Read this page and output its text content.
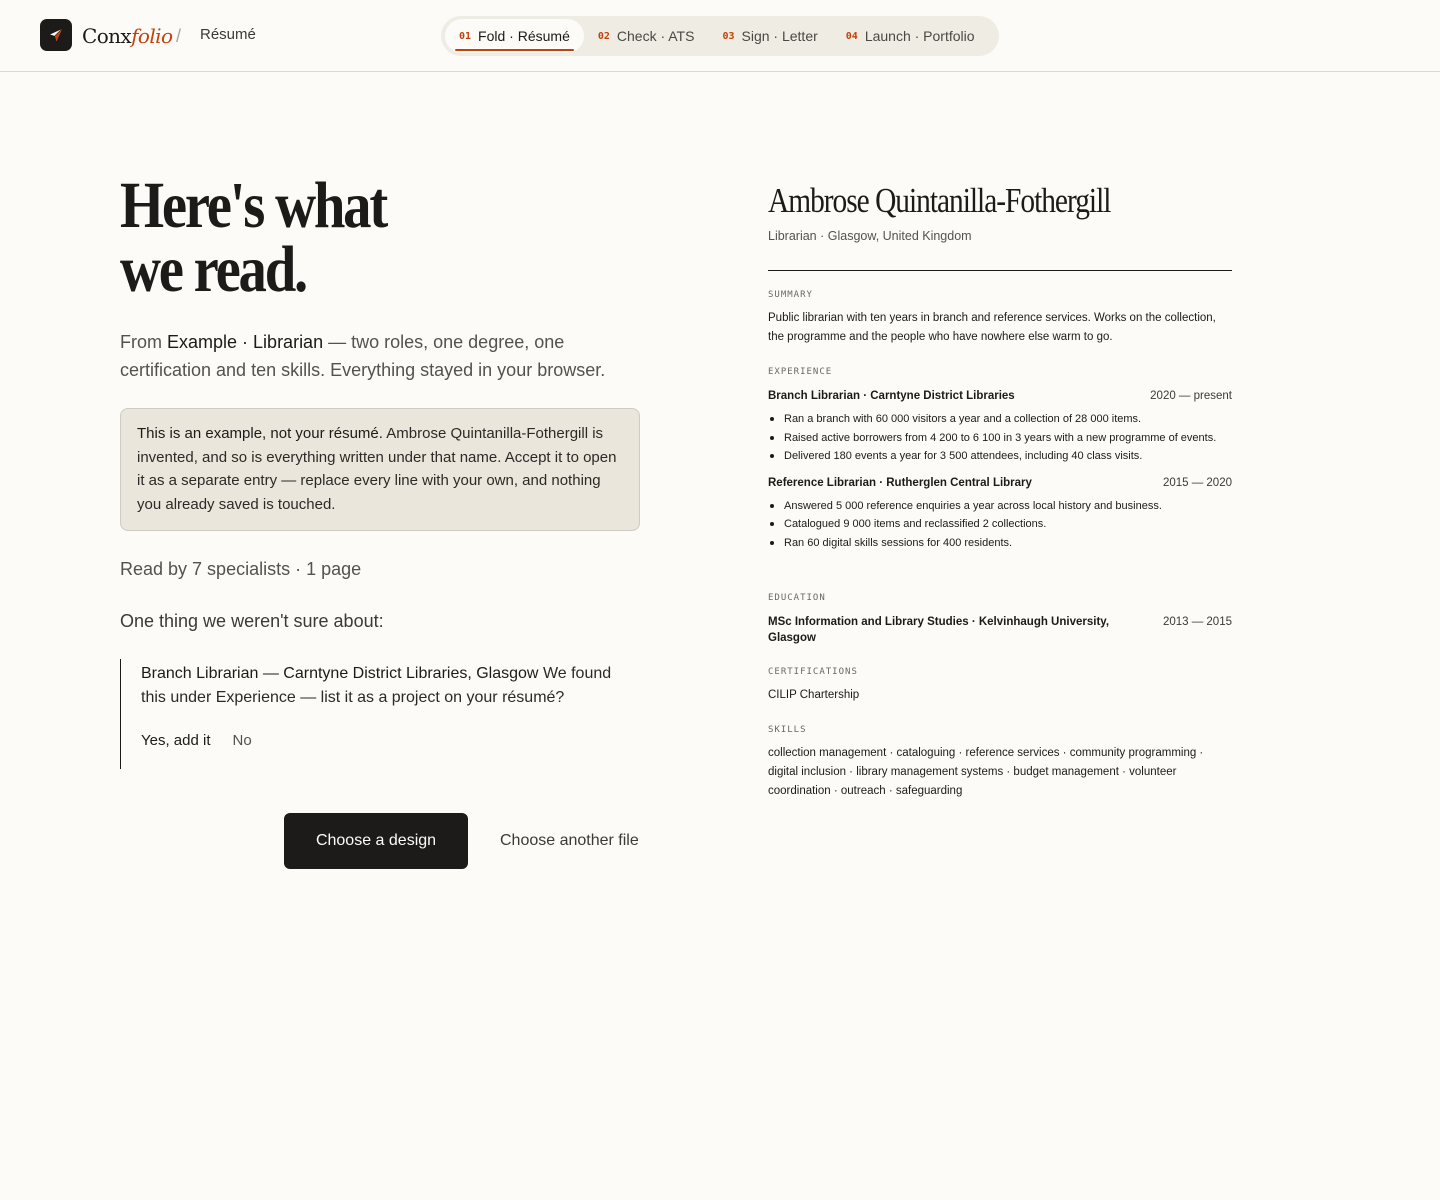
Conxfolio / Résumé	01 Fold · Résumé	02 Check · ATS	03 Sign · Letter	04 Launch · Portfolio
Here's what
we read.

From Example · Librarian — two roles, one degree, one certification and ten skills. Everything stayed in your browser.

This is an example, not your résumé. Ambrose Quintanilla-Fothergill is invented, and so is everything written under that name. Accept it to open it as a separate entry — replace every line with your own, and nothing you already saved is touched.

Read by 7 specialists · 1 page

One thing we weren't sure about:

Branch Librarian — Carntyne District Libraries, Glasgow We found this under Experience — list it as a project on your résumé?

Yes, add it No
Choose a design	Choose another file
Ambrose Quintanilla-Fothergill
Librarian · Glasgow, United Kingdom
SUMMARY

Public librarian with ten years in branch and reference services. Works on the collection, the programme and the people who have nowhere else warm to go.

EXPERIENCE
Branch Librarian · Carntyne District Libraries	2020 — present
Ran a branch with 60 000 visitors a year and a collection of 28 000 items.
Raised active borrowers from 4 200 to 6 100 in 3 years with a new programme of events.
Delivered 180 events a year for 3 500 attendees, including 40 class visits.
Reference Librarian · Rutherglen Central Library	2015 — 2020
Answered 5 000 reference enquiries a year across local history and business.
Catalogued 9 000 items and reclassified 2 collections.
Ran 60 digital skills sessions for 400 residents.
EDUCATION
MSc Information and Library Studies · Kelvinhaugh University, Glasgow
2013 — 2015
CERTIFICATIONS

CILIP Chartership

SKILLS

collection management · cataloguing · reference services · community programming · digital inclusion · library management systems · budget management · volunteer coordination · outreach · safeguarding
